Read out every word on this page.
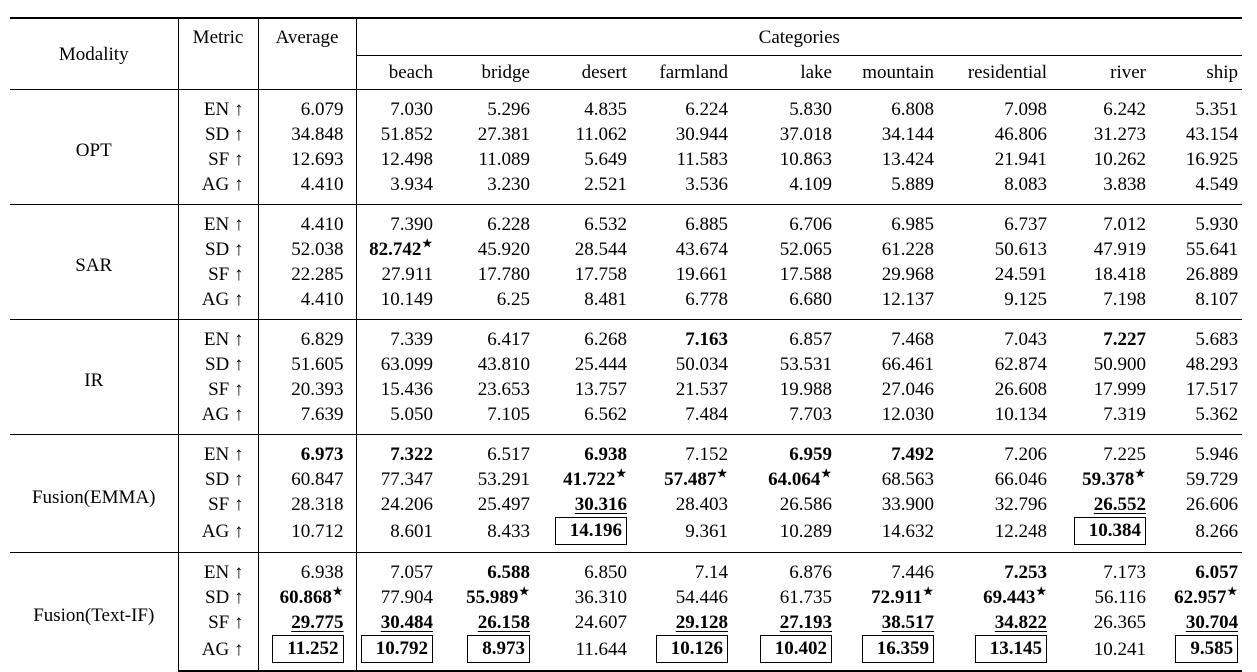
Modality	Metric	Average	Categories								
			beach	bridge	desert	farmland	lake	mountain	residential	river	ship
OPT	EN ↑	6.079	7.030	5.296	4.835	6.224	5.830	6.808	7.098	6.242	5.351
	SD ↑	34.848	51.852	27.381	11.062	30.944	37.018	34.144	46.806	31.273	43.154
	SF ↑	12.693	12.498	11.089	5.649	11.583	10.863	13.424	21.941	10.262	16.925
	AG ↑	4.410	3.934	3.230	2.521	3.536	4.109	5.889	8.083	3.838	4.549
SAR	EN ↑	4.410	7.390	6.228	6.532	6.885	6.706	6.985	6.737	7.012	5.930
	SD ↑	52.038	82.742★	45.920	28.544	43.674	52.065	61.228	50.613	47.919	55.641
	SF ↑	22.285	27.911	17.780	17.758	19.661	17.588	29.968	24.591	18.418	26.889
	AG ↑	4.410	10.149	6.25	8.481	6.778	6.680	12.137	9.125	7.198	8.107
IR	EN ↑	6.829	7.339	6.417	6.268	7.163	6.857	7.468	7.043	7.227	5.683
	SD ↑	51.605	63.099	43.810	25.444	50.034	53.531	66.461	62.874	50.900	48.293
	SF ↑	20.393	15.436	23.653	13.757	21.537	19.988	27.046	26.608	17.999	17.517
	AG ↑	7.639	5.050	7.105	6.562	7.484	7.703	12.030	10.134	7.319	5.362
Fusion(EMMA)	EN ↑	6.973	7.322	6.517	6.938	7.152	6.959	7.492	7.206	7.225	5.946
	SD ↑	60.847	77.347	53.291	41.722★	57.487★	64.064★	68.563	66.046	59.378★	59.729
	SF ↑	28.318	24.206	25.497	30.316	28.403	26.586	33.900	32.796	26.552	26.606
	AG ↑	10.712	8.601	8.433	14.196	9.361	10.289	14.632	12.248	10.384	8.266
Fusion(Text-IF)	EN ↑	6.938	7.057	6.588	6.850	7.14	6.876	7.446	7.253	7.173	6.057
	SD ↑	60.868★	77.904	55.989★	36.310	54.446	61.735	72.911★	69.443★	56.116	62.957★
	SF ↑	29.775	30.484	26.158	24.607	29.128	27.193	38.517	34.822	26.365	30.704
	AG ↑	11.252	10.792	8.973	11.644	10.126	10.402	16.359	13.145	10.241	9.585
